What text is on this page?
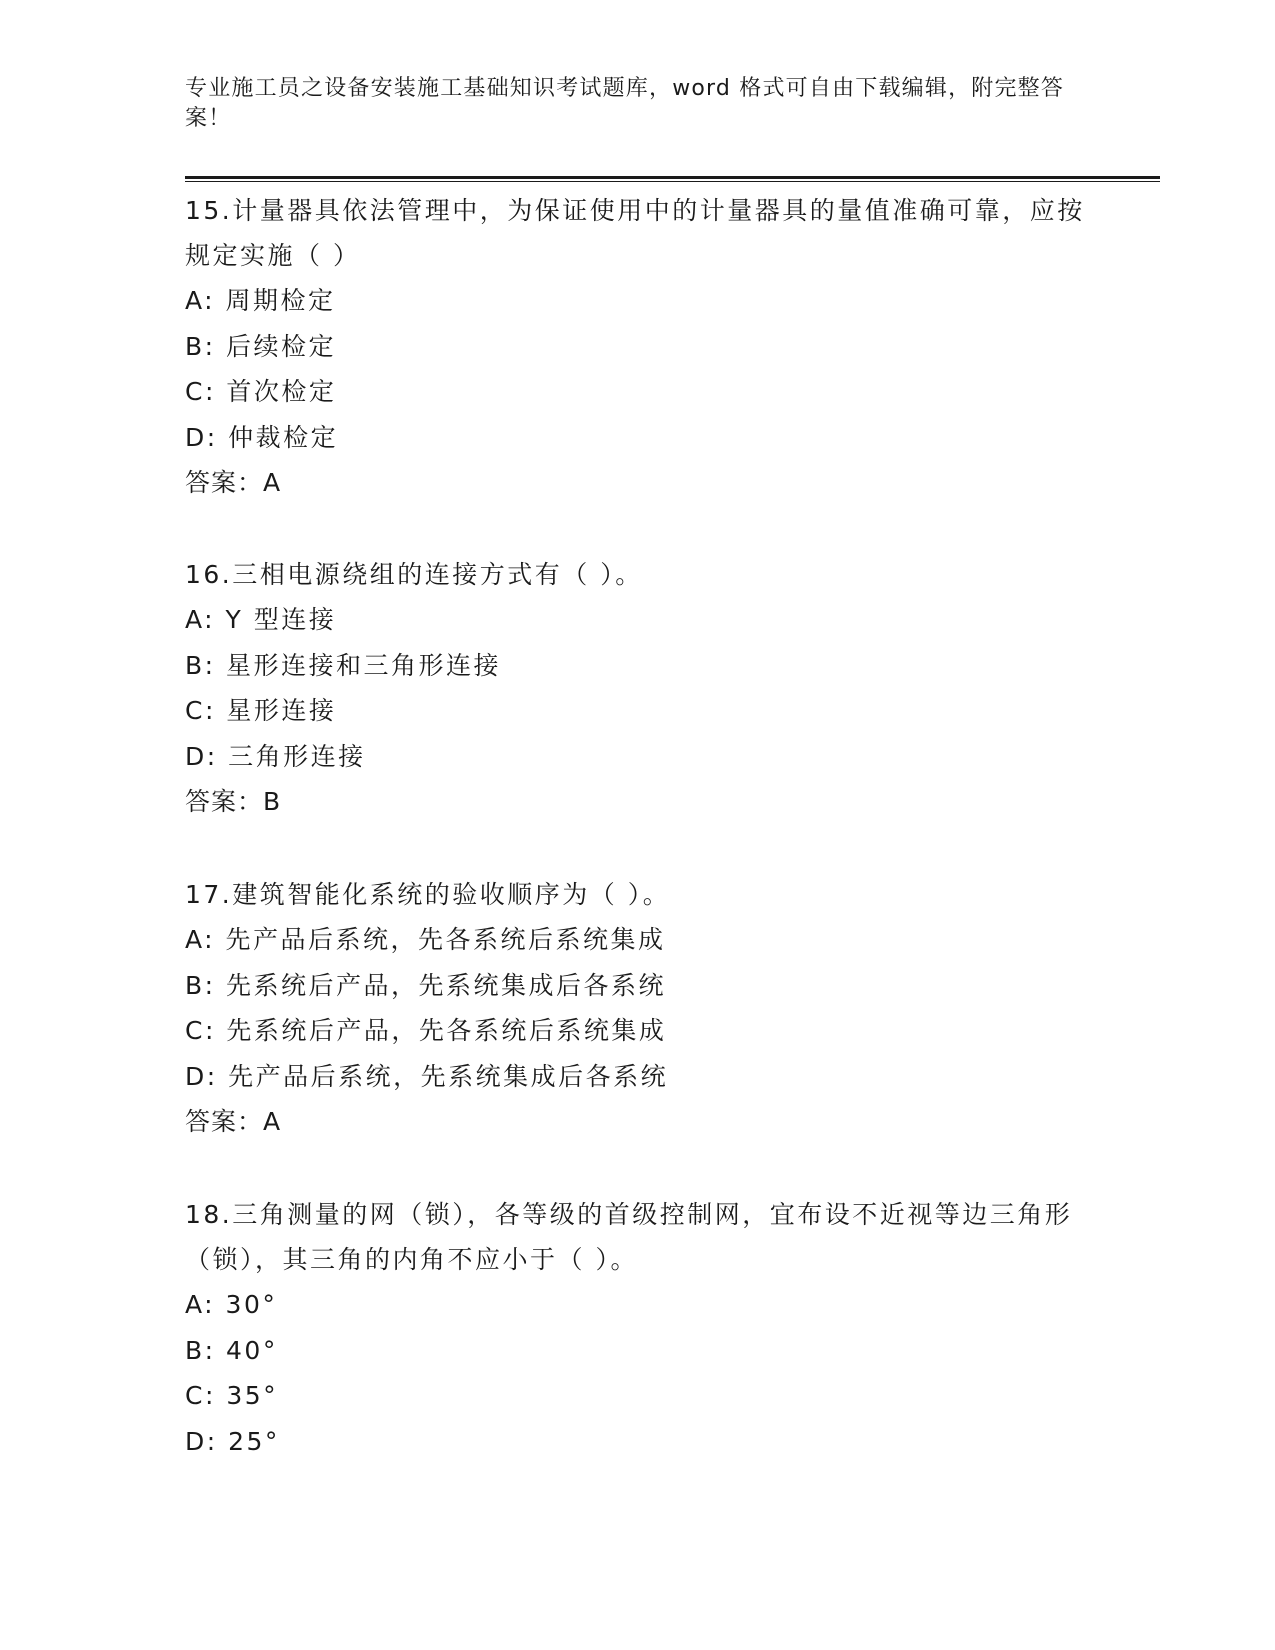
专业施工员之设备安装施工基础知识考试题库，word 格式可自由下载编辑，附完整答案！
15.计量器具依法管理中，为保证使用中的计量器具的量值准确可靠，应按规定实施（ ）
A: 周期检定
B: 后续检定
C: 首次检定
D: 仲裁检定
答案：A
16.三相电源绕组的连接方式有（ ）。
A: Y 型连接
B: 星形连接和三角形连接
C: 星形连接
D: 三角形连接
答案：B
17.建筑智能化系统的验收顺序为（ ）。
A: 先产品后系统，先各系统后系统集成
B: 先系统后产品，先系统集成后各系统
C: 先系统后产品，先各系统后系统集成
D: 先产品后系统，先系统集成后各系统
答案：A
18.三角测量的网（锁），各等级的首级控制网，宜布设不近视等边三角形（锁），其三角的内角不应小于（ ）。
A: 30°
B: 40°
C: 35°
D: 25°
